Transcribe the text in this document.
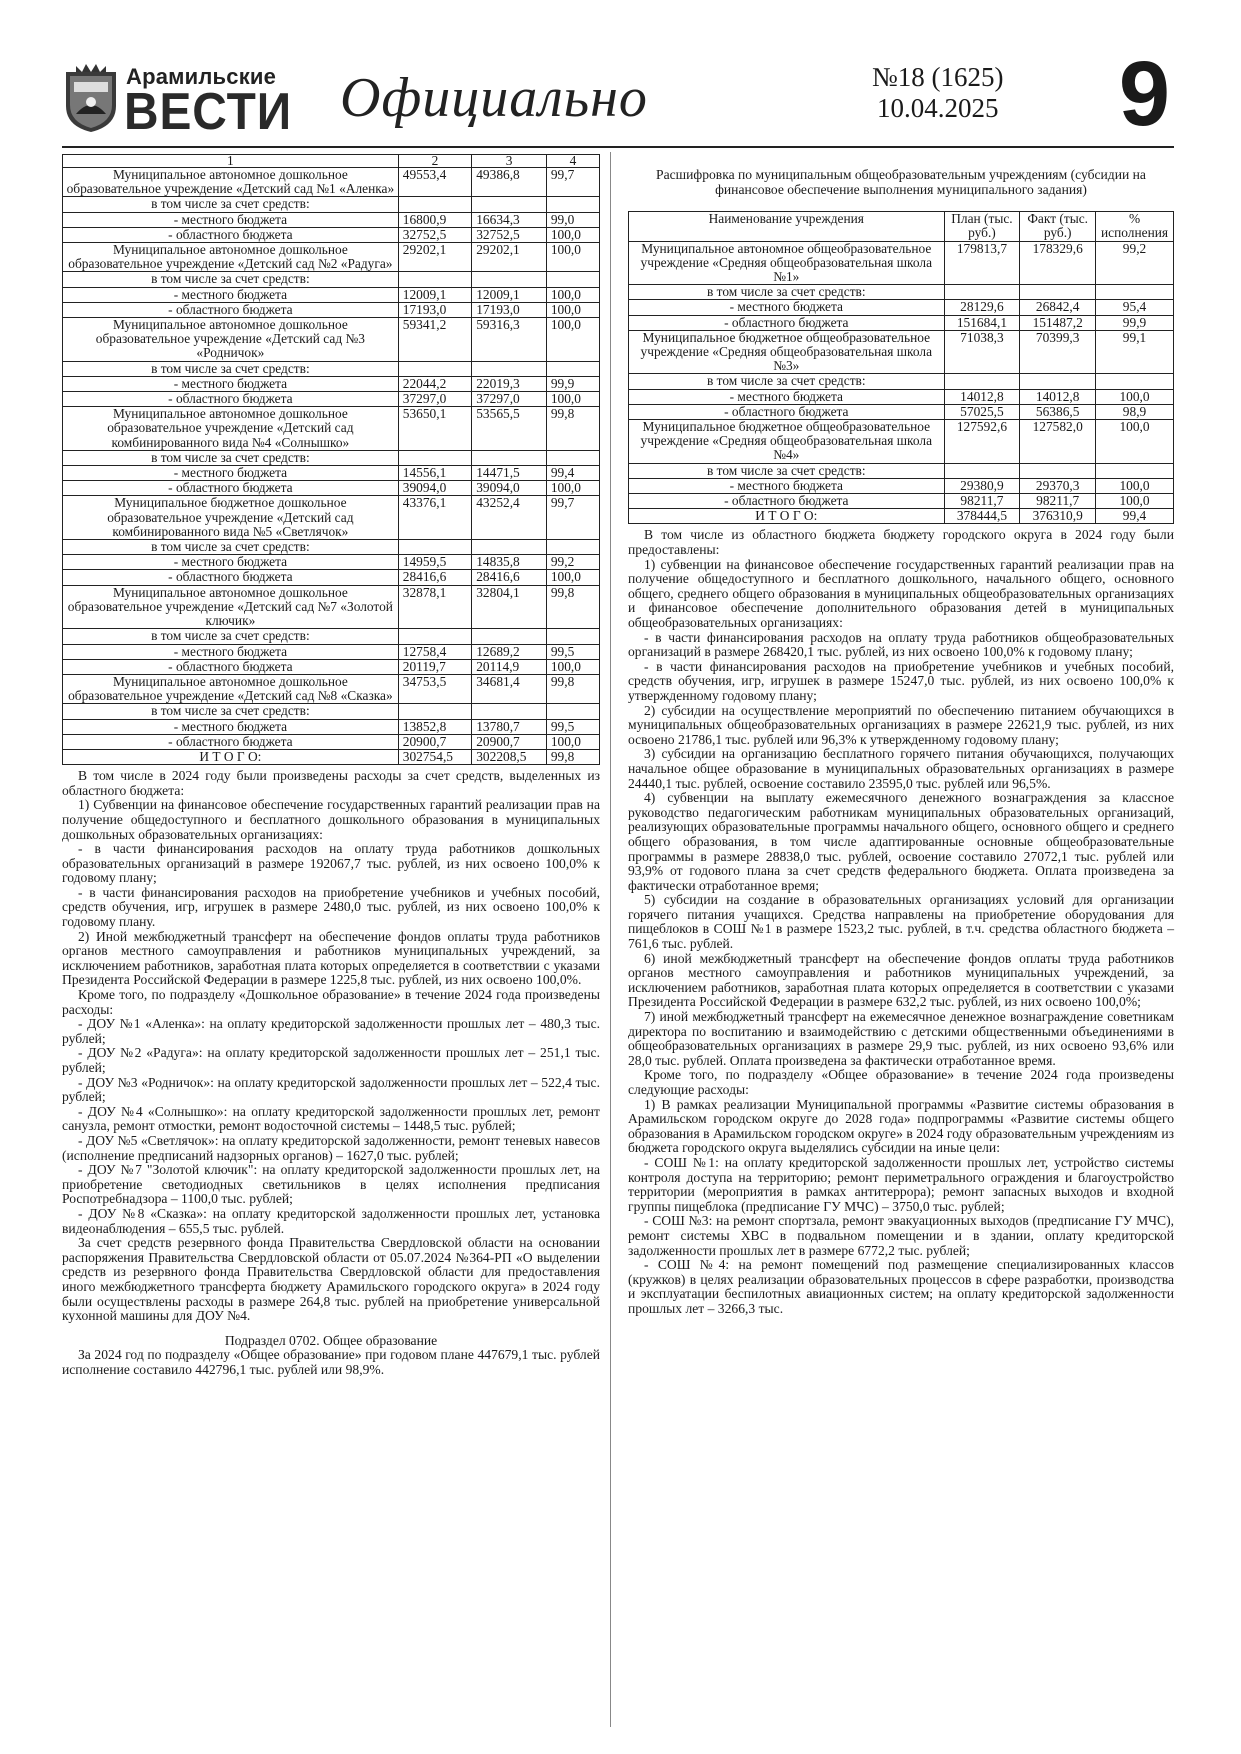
Арамильские
ВЕСТИ Официально	№18 (1625)
10.04.2025 9
1	2	3	4
Муниципальное автономное дошкольное образовательное учреждение «Детский сад №1 «Аленка»	49553,4	49386,8	99,7
в том числе за счет средств:			
- местного бюджета	16800,9	16634,3	99,0
- областного бюджета	32752,5	32752,5	100,0
Муниципальное автономное дошкольное образовательное учреждение «Детский сад №2 «Радуга»	29202,1	29202,1	100,0
в том числе за счет средств:			
- местного бюджета	12009,1	12009,1	100,0
- областного бюджета	17193,0	17193,0	100,0
Муниципальное автономное дошкольное образовательное учреждение «Детский сад №3 «Родничок»	59341,2	59316,3	100,0
в том числе за счет средств:			
- местного бюджета	22044,2	22019,3	99,9
- областного бюджета	37297,0	37297,0	100,0
Муниципальное автономное дошкольное образовательное учреждение «Детский сад комбинированного вида №4 «Солнышко»	53650,1	53565,5	99,8
в том числе за счет средств:			
- местного бюджета	14556,1	14471,5	99,4
- областного бюджета	39094,0	39094,0	100,0
Муниципальное бюджетное дошкольное образовательное учреждение «Детский сад комбинированного вида №5 «Светлячок»	43376,1	43252,4	99,7
в том числе за счет средств:			
- местного бюджета	14959,5	14835,8	99,2
- областного бюджета	28416,6	28416,6	100,0
Муниципальное автономное дошкольное образовательное учреждение «Детский сад №7 «Золотой ключик»	32878,1	32804,1	99,8
в том числе за счет средств:			
- местного бюджета	12758,4	12689,2	99,5
- областного бюджета	20119,7	20114,9	100,0
Муниципальное автономное дошкольное образовательное учреждение «Детский сад №8 «Сказка»	34753,5	34681,4	99,8
в том числе за счет средств:			
- местного бюджета	13852,8	13780,7	99,5
- областного бюджета	20900,7	20900,7	100,0
И Т О Г О:	302754,5	302208,5	99,8

В том числе в 2024 году были произведены расходы за счет средств, выделенных из областного бюджета:

1) Субвенции на финансовое обеспечение государственных гарантий реализации прав на получение общедоступного и бесплатного дошкольного образования в муниципальных дошкольных образовательных организациях:

- в части финансирования расходов на оплату труда работников дошкольных образовательных организаций в размере 192067,7 тыс. рублей, из них освоено 100,0% к годовому плану;

- в части финансирования расходов на приобретение учебников и учебных пособий, средств обучения, игр, игрушек в размере 2480,0 тыс. рублей, из них освоено 100,0% к годовому плану.

2) Иной межбюджетный трансферт на обеспечение фондов оплаты труда работников органов местного самоуправления и работников муниципальных учреждений, за исключением работников, заработная плата которых определяется в соответствии с указами Президента Российской Федерации в размере 1225,8 тыс. рублей, из них освоено 100,0%.

Кроме того, по подразделу «Дошкольное образование» в течение 2024 года произведены расходы:

- ДОУ №1 «Аленка»: на оплату кредиторской задолженности прошлых лет – 480,3 тыс. рублей;

- ДОУ №2 «Радуга»: на оплату кредиторской задолженности прошлых лет – 251,1 тыс. рублей;

- ДОУ №3 «Родничок»: на оплату кредиторской задолженности прошлых лет – 522,4 тыс. рублей;

- ДОУ №4 «Солнышко»: на оплату кредиторской задолженности прошлых лет, ремонт санузла, ремонт отмостки, ремонт водосточной системы – 1448,5 тыс. рублей;

- ДОУ №5 «Светлячок»: на оплату кредиторской задолженности, ремонт теневых навесов (исполнение предписаний надзорных органов) – 1627,0 тыс. рублей;

- ДОУ №7 "Золотой ключик": на оплату кредиторской задолженности прошлых лет, на приобретение светодиодных светильников в целях исполнения предписания Роспотребнадзора – 1100,0 тыс. рублей;

- ДОУ №8 «Сказка»: на оплату кредиторской задолженности прошлых лет, установка видеонаблюдения – 655,5 тыс. рублей.

За счет средств резервного фонда Правительства Свердловской области на основании распоряжения Правительства Свердловской области от 05.07.2024 №364-РП «О выделении средств из резервного фонда Правительства Свердловской области для предоставления иного межбюджетного трансферта бюджету Арамильского городского округа» в 2024 году были осуществлены расходы в размере 264,8 тыс. рублей на приобретение универсальной кухонной машины для ДОУ №4.

Подраздел 0702. Общее образование

За 2024 год по подразделу «Общее образование» при годовом плане 447679,1 тыс. рублей исполнение составило 442796,1 тыс. рублей или 98,9%.

Расшифровка по муниципальным общеобразовательным учреждениям (субсидии на финансовое обеспечение выполнения муниципального задания)

Наименование учреждения	План (тыс. руб.)	Факт (тыс. руб.)	% исполнения
Муниципальное автономное общеобразовательное учреждение «Средняя общеобразовательная школа №1»	179813,7	178329,6	99,2
в том числе за счет средств:			
- местного бюджета	28129,6	26842,4	95,4
- областного бюджета	151684,1	151487,2	99,9
Муниципальное бюджетное общеобразовательное учреждение «Средняя общеобразовательная школа №3»	71038,3	70399,3	99,1
в том числе за счет средств:			
- местного бюджета	14012,8	14012,8	100,0
- областного бюджета	57025,5	56386,5	98,9
Муниципальное бюджетное общеобразовательное учреждение «Средняя общеобразовательная школа №4»	127592,6	127582,0	100,0
в том числе за счет средств:			
- местного бюджета	29380,9	29370,3	100,0
- областного бюджета	98211,7	98211,7	100,0
И Т О Г О:	378444,5	376310,9	99,4

В том числе из областного бюджета бюджету городского округа в 2024 году были предоставлены:

1) субвенции на финансовое обеспечение государственных гарантий реализации прав на получение общедоступного и бесплатного дошкольного, начального общего, основного общего, среднего общего образования в муниципальных общеобразовательных организациях и финансовое обеспечение дополнительного образования детей в муниципальных общеобразовательных организациях:

- в части финансирования расходов на оплату труда работников общеобразовательных организаций в размере 268420,1 тыс. рублей, из них освоено 100,0% к годовому плану;

- в части финансирования расходов на приобретение учебников и учебных пособий, средств обучения, игр, игрушек в размере 15247,0 тыс. рублей, из них освоено 100,0% к утвержденному годовому плану;

2) субсидии на осуществление мероприятий по обеспечению питанием обучающихся в муниципальных общеобразовательных организациях в размере 22621,9 тыс. рублей, из них освоено 21786,1 тыс. рублей или 96,3% к утвержденному годовому плану;

3) субсидии на организацию бесплатного горячего питания обучающихся, получающих начальное общее образование в муниципальных образовательных организациях в размере 24440,1 тыс. рублей, освоение составило 23595,0 тыс. рублей или 96,5%.

4) субвенции на выплату ежемесячного денежного вознаграждения за классное руководство педагогическим работникам муниципальных образовательных организаций, реализующих образовательные программы начального общего, основного общего и среднего общего образования, в том числе адаптированные основные общеобразовательные программы в размере 28838,0 тыс. рублей, освоение составило 27072,1 тыс. рублей или 93,9% от годового плана за счет средств федерального бюджета. Оплата произведена за фактически отработанное время;

5) субсидии на создание в образовательных организациях условий для организации горячего питания учащихся. Средства направлены на приобретение оборудования для пищеблоков в СОШ №1 в размере 1523,2 тыс. рублей, в т.ч. средства областного бюджета – 761,6 тыс. рублей.

6) иной межбюджетный трансферт на обеспечение фондов оплаты труда работников органов местного самоуправления и работников муниципальных учреждений, за исключением работников, заработная плата которых определяется в соответствии с указами Президента Российской Федерации в размере 632,2 тыс. рублей, из них освоено 100,0%;

7) иной межбюджетный трансферт на ежемесячное денежное вознаграждение советникам директора по воспитанию и взаимодействию с детскими общественными объединениями в общеобразовательных организациях в размере 29,9 тыс. рублей, из них освоено 93,6% или 28,0 тыс. рублей. Оплата произведена за фактически отработанное время.

Кроме того, по подразделу «Общее образование» в течение 2024 года произведены следующие расходы:

1) В рамках реализации Муниципальной программы «Развитие системы образования в Арамильском городском округе до 2028 года» подпрограммы «Развитие системы общего образования в Арамильском городском округе» в 2024 году образовательным учреждениям из бюджета городского округа выделялись субсидии на иные цели:

- СОШ №1: на оплату кредиторской задолженности прошлых лет, устройство системы контроля доступа на территорию; ремонт периметрального ограждения и благоустройство территории (мероприятия в рамках антитеррора); ремонт запасных выходов и входной группы пищеблока (предписание ГУ МЧС) – 3750,0 тыс. рублей;

- СОШ №3: на ремонт спортзала, ремонт эвакуационных выходов (предписание ГУ МЧС), ремонт системы ХВС в подвальном помещении и в здании, оплату кредиторской задолженности прошлых лет в размере 6772,2 тыс. рублей;

- СОШ №4: на ремонт помещений под размещение специализированных классов (кружков) в целях реализации образовательных процессов в сфере разработки, производства и эксплуатации беспилотных авиационных систем; на оплату кредиторской задолженности прошлых лет – 3266,3 тыс.
